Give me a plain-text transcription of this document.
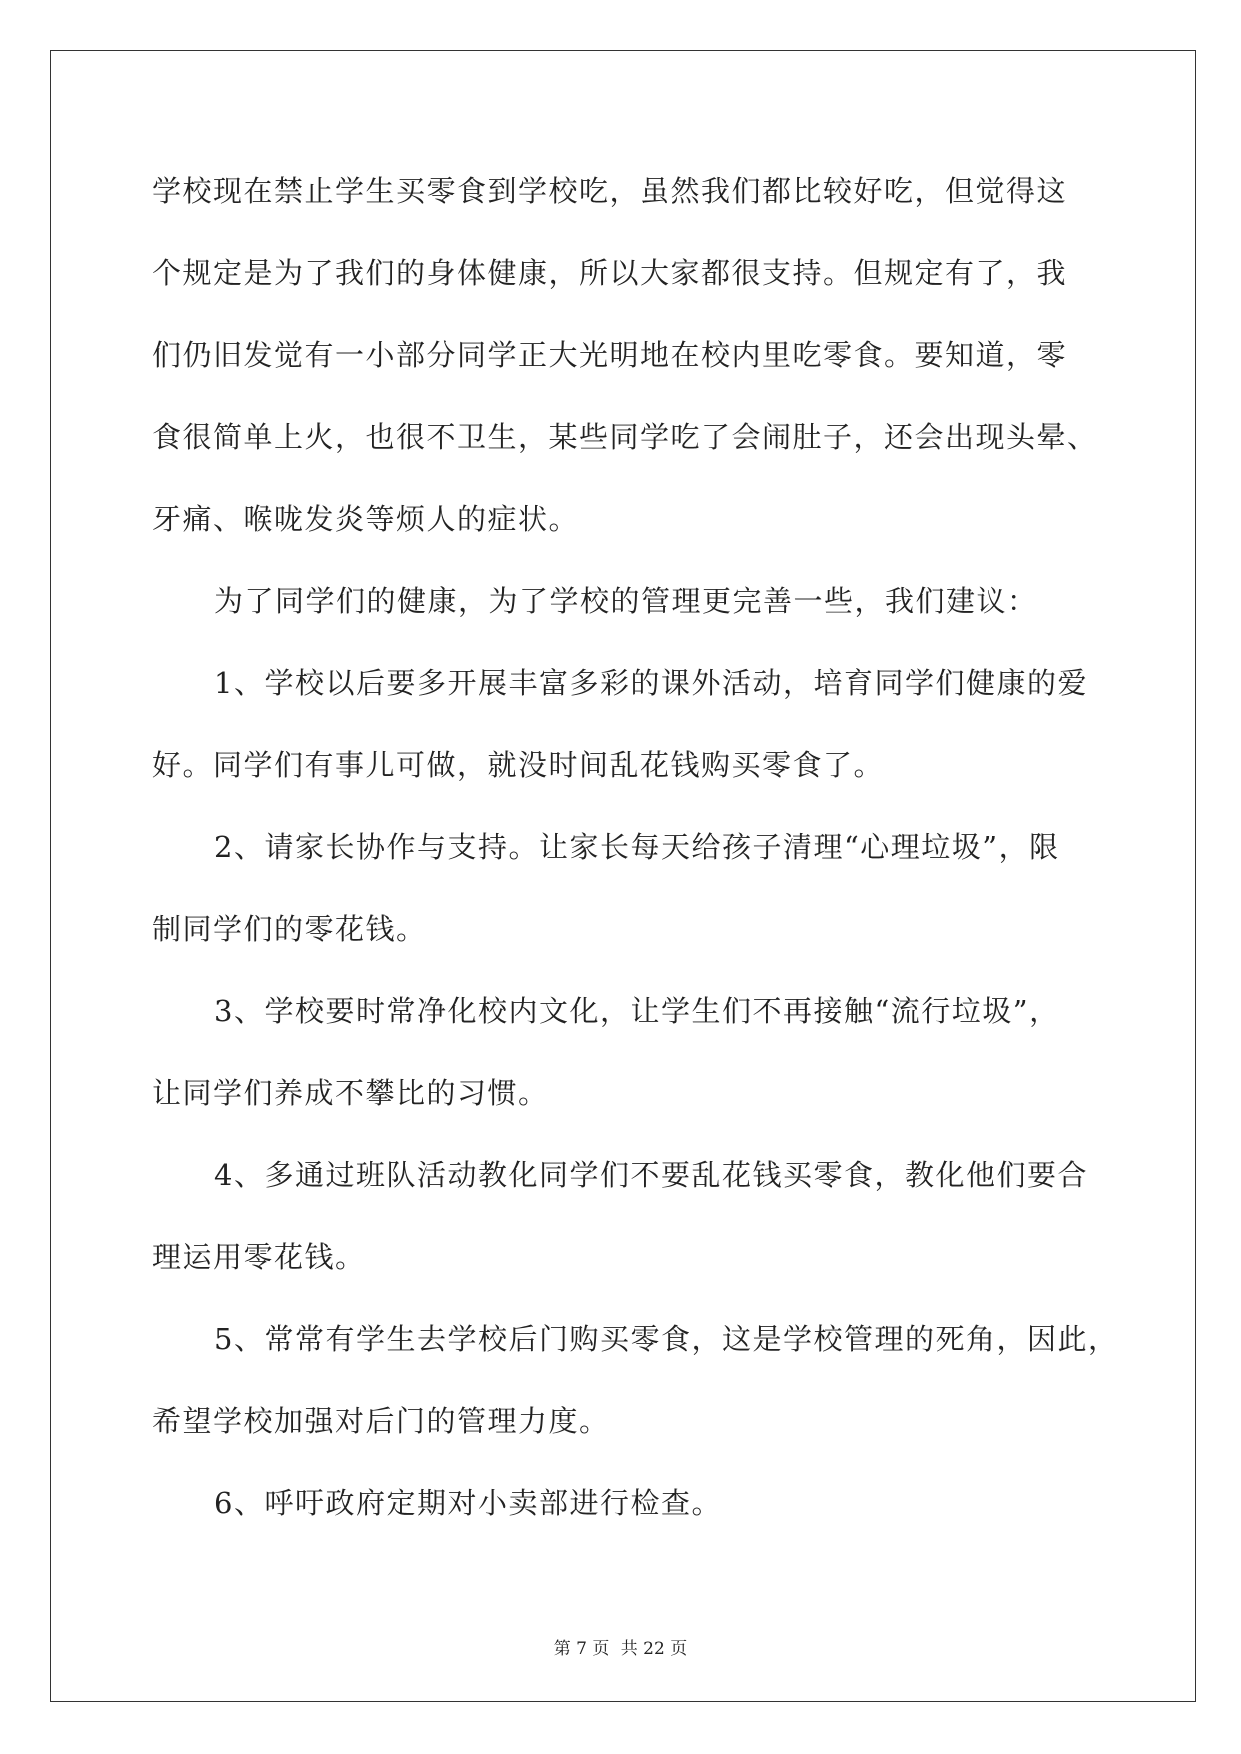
学校现在禁止学生买零食到学校吃，虽然我们都比较好吃，但觉得这
个规定是为了我们的身体健康，所以大家都很支持。但规定有了，我
们仍旧发觉有一小部分同学正大光明地在校内里吃零食。要知道，零
食很简单上火，也很不卫生，某些同学吃了会闹肚子，还会出现头晕、
牙痛、喉咙发炎等烦人的症状。
为了同学们的健康，为了学校的管理更完善一些，我们建议：
1、学校以后要多开展丰富多彩的课外活动，培育同学们健康的爱
好。同学们有事儿可做，就没时间乱花钱购买零食了。
2、请家长协作与支持。让家长每天给孩子清理“心理垃圾”，限
制同学们的零花钱。
3、学校要时常净化校内文化，让学生们不再接触“流行垃圾”，
让同学们养成不攀比的习惯。
4、多通过班队活动教化同学们不要乱花钱买零食，教化他们要合
理运用零花钱。
5、常常有学生去学校后门购买零食，这是学校管理的死角，因此，
希望学校加强对后门的管理力度。
6、呼吁政府定期对小卖部进行检查。
第 7 页 共 22 页
